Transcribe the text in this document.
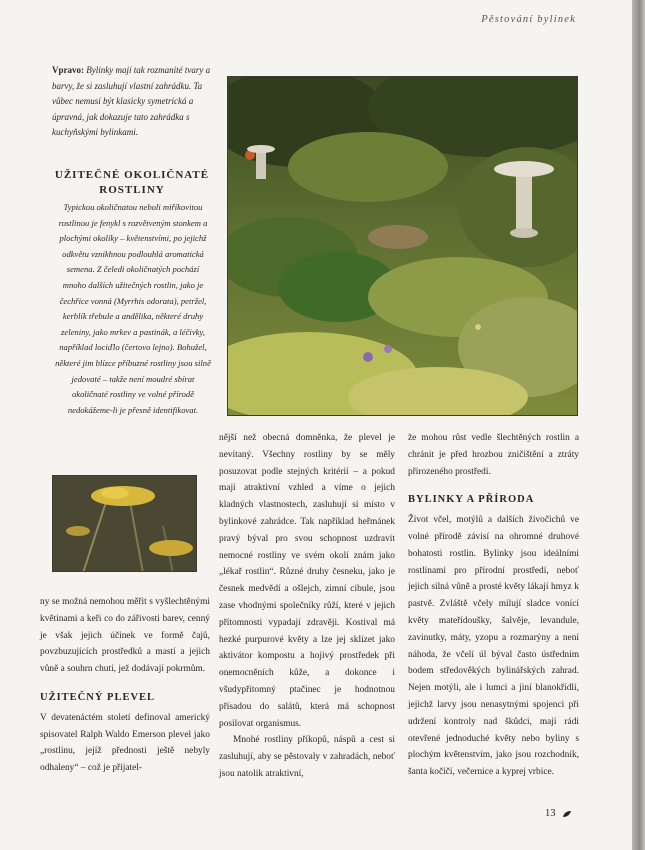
Pěstování bylinek
Vpravo: Bylinky mají tak rozmanité tvary a barvy, že si zasluhují vlastní zahrádku. Ta vůbec nemusí být klasicky symetrická a úpravná, jak dokazuje tato zahrádka s kuchyňskými bylinkami.
UŽITEČNÉ OKOLIČNATÉ ROSTLINY
Typickou okoličnatou neboli miříkovitou rostlinou je fenykl s rozvětveným stonkem a plochými okolíky – květenstvími, po jejichž odkvětu vznikhnou podlouhlá aromatická semena. Z čeledi okoličnatých pochází mnoho dalších užitečných rostlin, jako je čechřice vonná (Myrrhis odorata), petržel, kerblík třebule a andělika, některé druhy zeleniny, jako mrkev a pastinák, a léčivky, například lociďlo (čertovo lejno). Bohužel, některé jim blízce příbuzné rostliny jsou silně jedovaté – takže není moudré sbírat okoličnaté rostliny ve volné přírodě nedokážeme-li je přesně identifikovat.

ny se možná nemohou měřit s vyšlechtěnými květinami a keři co do zářivosti barev, cenný je však jejich účinek ve formě čajů, povzbuzujících prostředků a mastí a jejich vůně a souhrn chutí, jež dodávají pokrmům.

UŽITEČNÝ PLEVEL

V devatenáctém století definoval americký spisovatel Ralph Waldo Emerson plevel jako „rostlinu, jejíž přednosti ještě nebyly odhaleny“ – což je přijatel-

nější než obecná domněnka, že plevel je nevítaný. Všechny rostliny by se měly posuzovat podle stejných kritérií – a pokud mají atraktivní vzhled a víme o jejich kladných vlastnostech, zasluhují si místo v bylinkové zahrádce. Tak například heřmánek pravý býval pro svou schopnost uzdravit nemocné rostliny ve svém okolí znám jako „lékař rostlin“. Různé druhy česneku, jako je česnek medvědí a ošlejch, zimní cibule, jsou zase vhodnými společníky růží, které v jejich přítomnosti vypadají zdravěji. Kostival má hezké purpurové květy a lze jej sklízet jako aktivátor kompostu a hojivý prostředek při onemocněních kůže, a dokonce i všudypřítomný ptačinec je hodnotnou přísadou do salátů, která má schopnost posilovat organismus.

Mnohé rostliny příkopů, náspů a cest si zasluhují, aby se pěstovaly v zahradách, neboť jsou natolik atraktivní,

že mohou růst vedle šlechtěných rostlin a chránit je před hrozbou zničištění a ztráty přirozeného prostředí.

BYLINKY A PŘÍRODA

Život včel, motýlů a dalších živočichů ve volné přírodě závisí na ohromné druhové bohatosti rostlin. Bylinky jsou ideálními rostlinami pro přírodní prostředí, neboť jejich silná vůně a prosté květy lákají hmyz k pastvě. Zvláště včely milují sladce vonící květy mateřídoušky, šalvěje, levandule, zavinutky, máty, yzopu a rozmarýny a není náhoda, že včelí úl býval často ústředním bodem středověkých bylinářských zahrad. Nejen motýli, ale i lumci a jiní blanokřídlí, jejichž larvy jsou nenasytnými spojenci při udržení kontroly nad škůdci, mají rádi otevřené jednoduché květy nebo byliny s plochým květenstvím, jako jsou rozchodník, šanta kočičí, večernice a kyprej vrbice.

13
